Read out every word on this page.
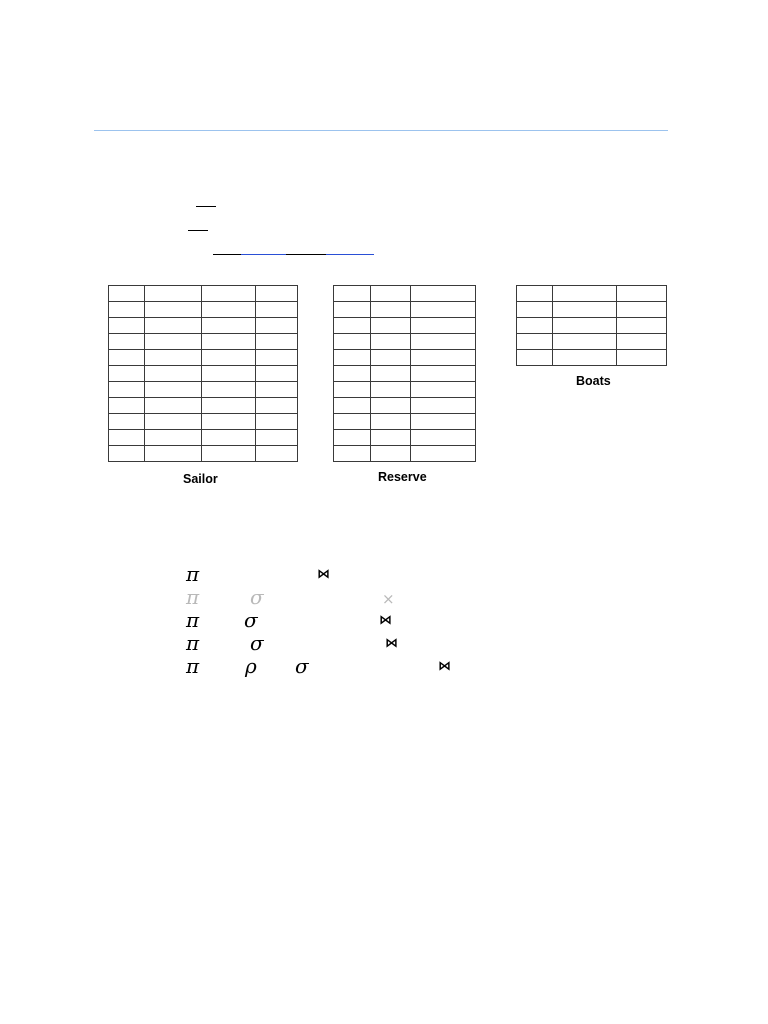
Sailor

			Reserve

Boats
π	⋈
π	σ	×
π σ	⋈
π	σ	⋈
π ρ σ	⋈
